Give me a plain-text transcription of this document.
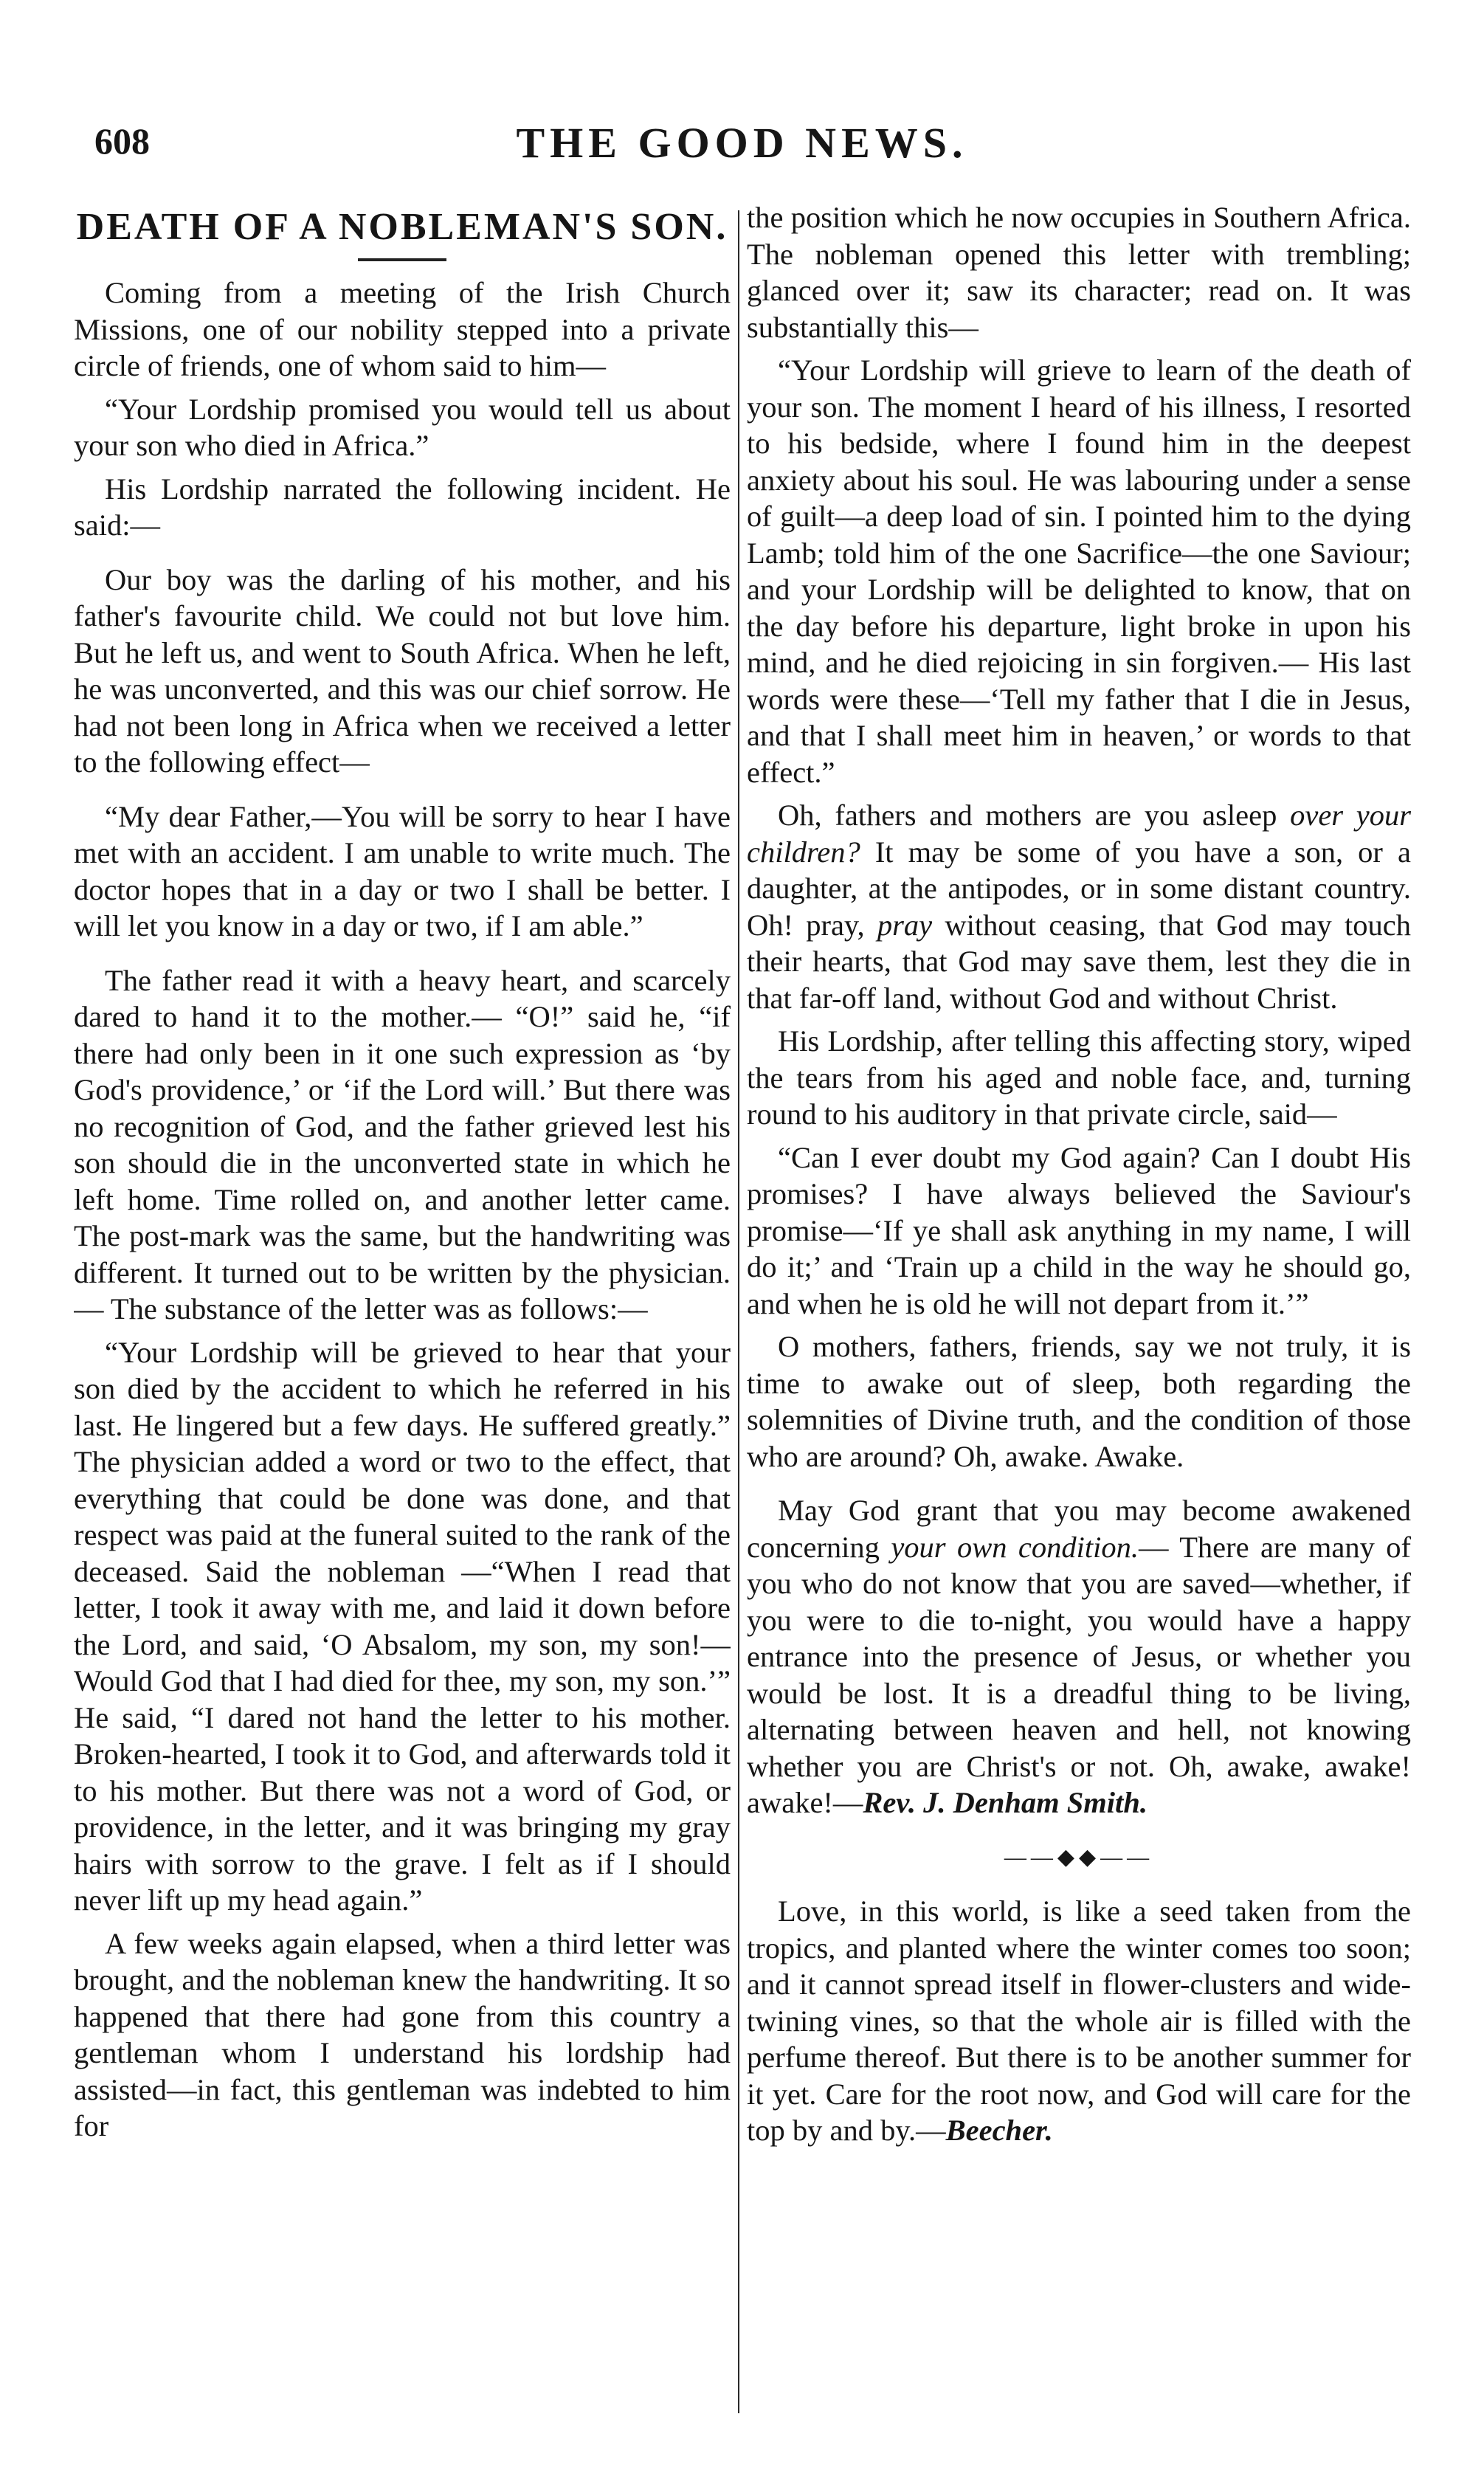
608	THE GOOD NEWS.
DEATH OF A NOBLEMAN'S SON.

Coming from a meeting of the Irish Church Missions, one of our nobility stepped into a private circle of friends, one of whom said to him—

“Your Lordship promised you would tell us about your son who died in Africa.”

His Lordship narrated the following incident. He said:—

Our boy was the darling of his mother, and his father's favourite child. We could not but love him. But he left us, and went to South Africa. When he left, he was unconverted, and this was our chief sorrow. He had not been long in Africa when we received a letter to the following effect—

“My dear Father,—You will be sorry to hear I have met with an accident. I am unable to write much. The doctor hopes that in a day or two I shall be better. I will let you know in a day or two, if I am able.”

The father read it with a heavy heart, and scarcely dared to hand it to the mother.— “O!” said he, “if there had only been in it one such expression as ‘by God's providence,’ or ‘if the Lord will.’ But there was no recognition of God, and the father grieved lest his son should die in the unconverted state in which he left home. Time rolled on, and another letter came. The post-mark was the same, but the handwriting was different. It turned out to be written by the physician.— The substance of the letter was as follows:—

“Your Lordship will be grieved to hear that your son died by the accident to which he referred in his last. He lingered but a few days. He suffered greatly.” The physician added a word or two to the effect, that everything that could be done was done, and that respect was paid at the funeral suited to the rank of the deceased. Said the nobleman —“When I read that letter, I took it away with me, and laid it down before the Lord, and said, ‘O Absalom, my son, my son!— Would God that I had died for thee, my son, my son.’” He said, “I dared not hand the letter to his mother. Broken-hearted, I took it to God, and afterwards told it to his mother. But there was not a word of God, or providence, in the letter, and it was bringing my gray hairs with sorrow to the grave. I felt as if I should never lift up my head again.”

A few weeks again elapsed, when a third letter was brought, and the nobleman knew the handwriting. It so happened that there had gone from this country a gentleman whom I understand his lordship had assisted—in fact, this gentleman was indebted to him for

the position which he now occupies in Southern Africa. The nobleman opened this letter with trembling; glanced over it; saw its character; read on. It was substantially this—

“Your Lordship will grieve to learn of the death of your son. The moment I heard of his illness, I resorted to his bedside, where I found him in the deepest anxiety about his soul. He was labouring under a sense of guilt—a deep load of sin. I pointed him to the dying Lamb; told him of the one Sacrifice—the one Saviour; and your Lordship will be delighted to know, that on the day before his departure, light broke in upon his mind, and he died rejoicing in sin forgiven.— His last words were these—‘Tell my father that I die in Jesus, and that I shall meet him in heaven,’ or words to that effect.”

Oh, fathers and mothers are you asleep over your children? It may be some of you have a son, or a daughter, at the antipodes, or in some distant country. Oh! pray, pray without ceasing, that God may touch their hearts, that God may save them, lest they die in that far-off land, without God and without Christ.

His Lordship, after telling this affecting story, wiped the tears from his aged and noble face, and, turning round to his auditory in that private circle, said—

“Can I ever doubt my God again? Can I doubt His promises? I have always believed the Saviour's promise—‘If ye shall ask anything in my name, I will do it;’ and ‘Train up a child in the way he should go, and when he is old he will not depart from it.’”

O mothers, fathers, friends, say we not truly, it is time to awake out of sleep, both regarding the solemnities of Divine truth, and the condition of those who are around? Oh, awake. Awake.

May God grant that you may become awakened concerning your own condition.— There are many of you who do not know that you are saved—whether, if you were to die to-night, you would have a happy entrance into the presence of Jesus, or whether you would be lost. It is a dreadful thing to be living, alternating between heaven and hell, not knowing whether you are Christ's or not. Oh, awake, awake! awake!—Rev. J. Denham Smith.

——◆◆——

Love, in this world, is like a seed taken from the tropics, and planted where the winter comes too soon; and it cannot spread itself in flower-clusters and wide-twining vines, so that the whole air is filled with the perfume thereof. But there is to be another summer for it yet. Care for the root now, and God will care for the top by and by.—Beecher.
